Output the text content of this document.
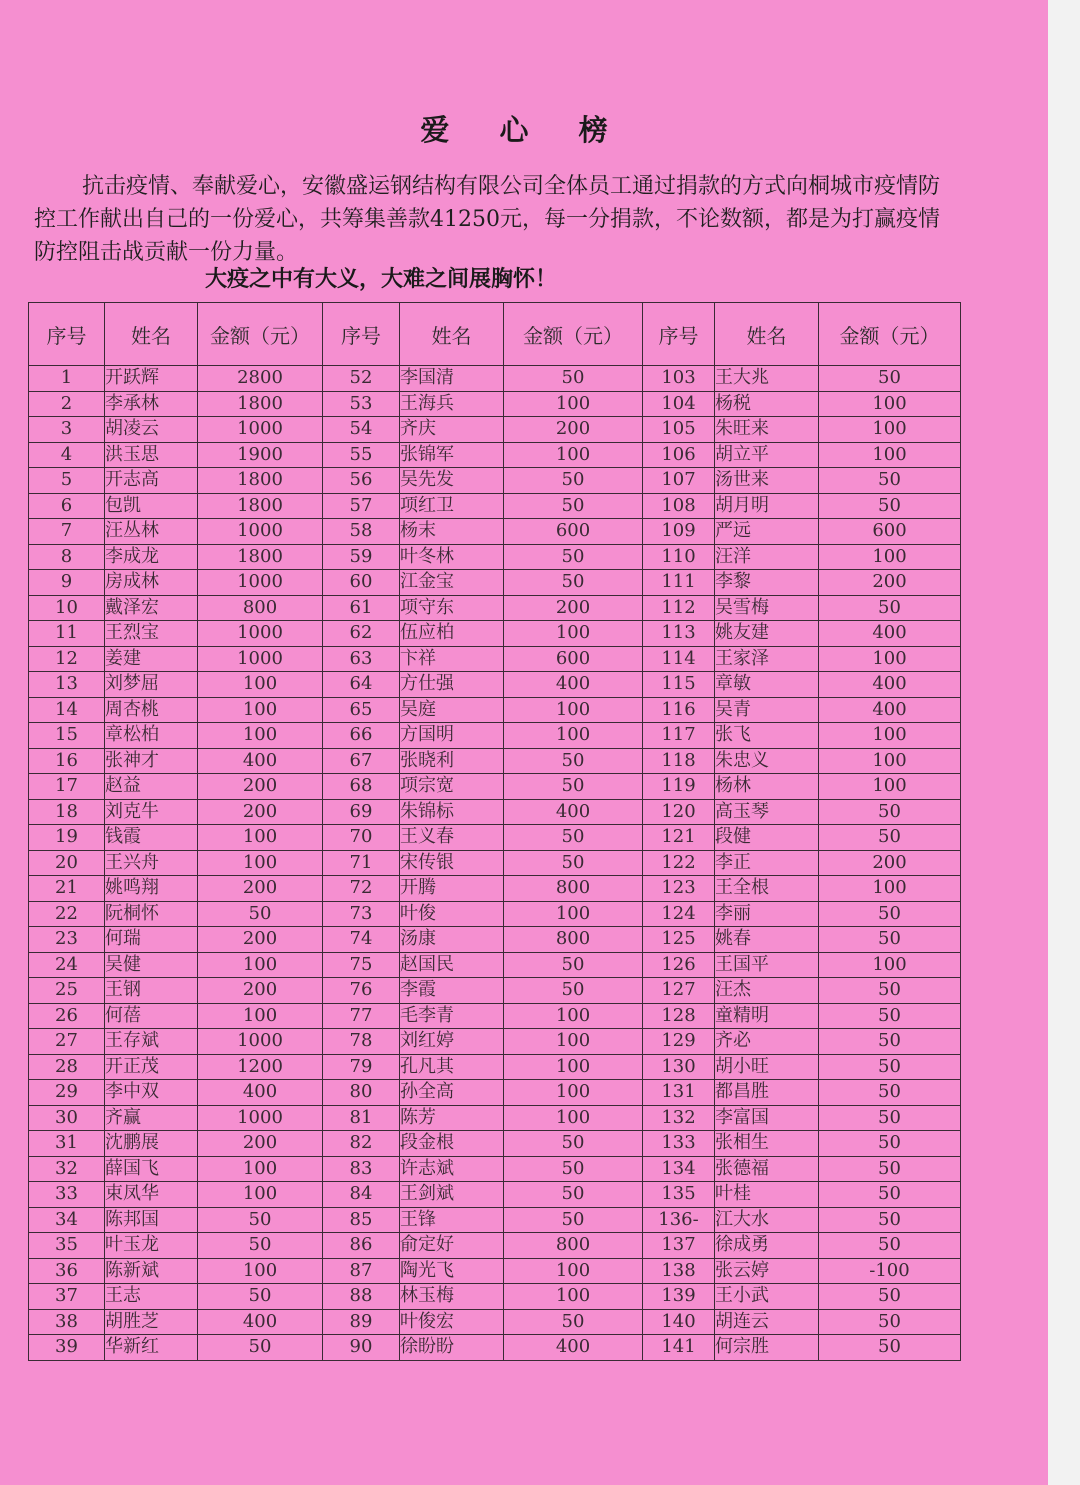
爱 心 榜
抗击疫情、奉献爱心，安徽盛运钢结构有限公司全体员工通过捐款的方式向桐城市疫情防控工作献出自己的一份爱心，共筹集善款41250元，每一分捐款，不论数额，都是为打赢疫情防控阻击战贡献一份力量。
大疫之中有大义，大难之间展胸怀！
序号	姓名	金额（元）	序号	姓名	金额（元）	序号	姓名	金额（元）
1	开跃辉	2800	52	李国清	50	103	王大兆	50
2	李承林	1800	53	王海兵	100	104	杨税	100
3	胡凌云	1000	54	齐庆	200	105	朱旺来	100
4	洪玉思	1900	55	张锦军	100	106	胡立平	100
5	开志高	1800	56	吴先发	50	107	汤世来	50
6	包凯	1800	57	项红卫	50	108	胡月明	50
7	汪丛林	1000	58	杨末	600	109	严远	600
8	李成龙	1800	59	叶冬林	50	110	汪洋	100
9	房成林	1000	60	江金宝	50	111	李黎	200
10	戴泽宏	800	61	项守东	200	112	吴雪梅	50
11	王烈宝	1000	62	伍应柏	100	113	姚友建	400
12	姜建	1000	63	卞祥	600	114	王家泽	100
13	刘梦屈	100	64	方仕强	400	115	章敏	400
14	周杏桃	100	65	吴庭	100	116	吴青	400
15	章松柏	100	66	方国明	100	117	张飞	100
16	张神才	400	67	张晓利	50	118	朱忠义	100
17	赵益	200	68	项宗宽	50	119	杨林	100
18	刘克牛	200	69	朱锦标	400	120	高玉琴	50
19	钱霞	100	70	王义春	50	121	段健	50
20	王兴舟	100	71	宋传银	50	122	李正	200
21	姚鸣翔	200	72	开腾	800	123	王全根	100
22	阮桐怀	50	73	叶俊	100	124	李丽	50
23	何瑞	200	74	汤康	800	125	姚春	50
24	吴健	100	75	赵国民	50	126	王国平	100
25	王钢	200	76	李霞	50	127	汪杰	50
26	何蓓	100	77	毛李青	100	128	童精明	50
27	王存斌	1000	78	刘红婷	100	129	齐必	50
28	开正茂	1200	79	孔凡其	100	130	胡小旺	50
29	李中双	400	80	孙全高	100	131	都昌胜	50
30	齐赢	1000	81	陈芳	100	132	李富国	50
31	沈鹏展	200	82	段金根	50	133	张相生	50
32	薛国飞	100	83	许志斌	50	134	张德福	50
33	束凤华	100	84	王剑斌	50	135	叶桂	50
34	陈邦国	50	85	王锋	50	136-	江大水	50
35	叶玉龙	50	86	俞定好	800	137	徐成勇	50
36	陈新斌	100	87	陶光飞	100	138	张云婷	-100
37	王志	50	88	林玉梅	100	139	王小武	50
38	胡胜芝	400	89	叶俊宏	50	140	胡连云	50
39	华新红	50	90	徐盼盼	400	141	何宗胜	50
